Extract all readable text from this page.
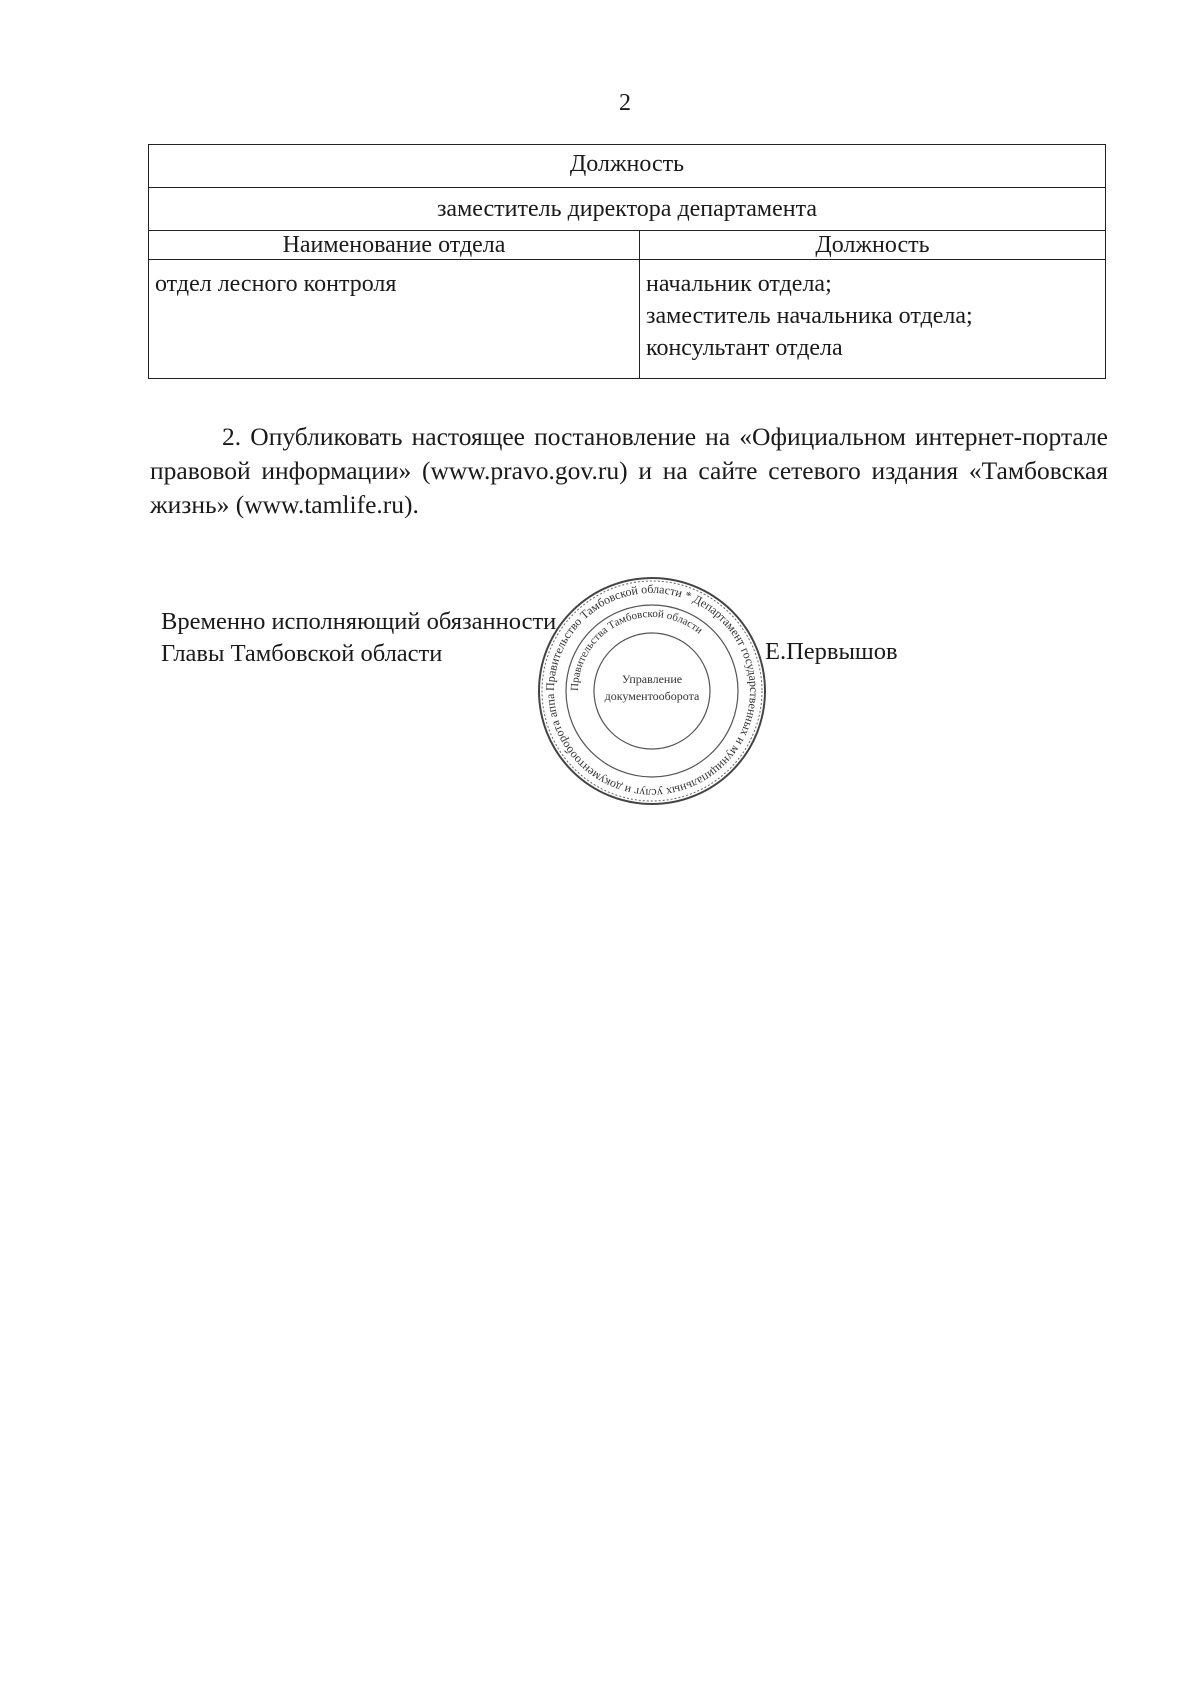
2
Должность	
заместитель директора департамента	
Наименование отдела	Должность
отдел лесного контроля	начальник отдела;
заместитель начальника отдела;
консультант отдела

2. Опубликовать настоящее постановление на «Официальном интернет-портале правовой информации» (www.pravo.gov.ru) и на сайте сетевого издания «Тамбовская жизнь» (www.tamlife.ru).

Временно исполняющий обязанности
Главы Тамбовской области
Правительство Тамбовской области * Департамент государственных и муниципальных услуг и документооборота аппа
Правительства Тамбовской области
Управление
документооборота
Е.Первышов
